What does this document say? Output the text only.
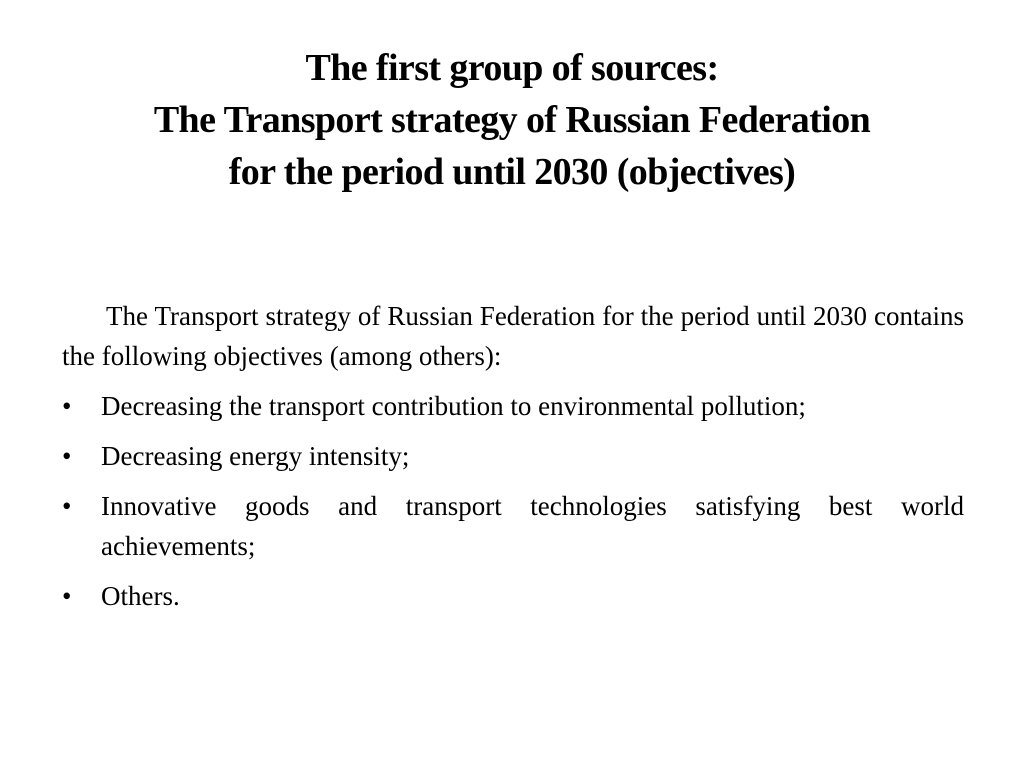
The first group of sources:
The Transport strategy of Russian Federation
for the period until 2030 (objectives)

The Transport strategy of Russian Federation for the period until 2030 contains the following objectives (among others):

•	Decreasing the transport contribution to environmental pollution;
•	Decreasing energy intensity;
•	Innovative goods and transport technologies satisfying best world achievements;
•	Others.
